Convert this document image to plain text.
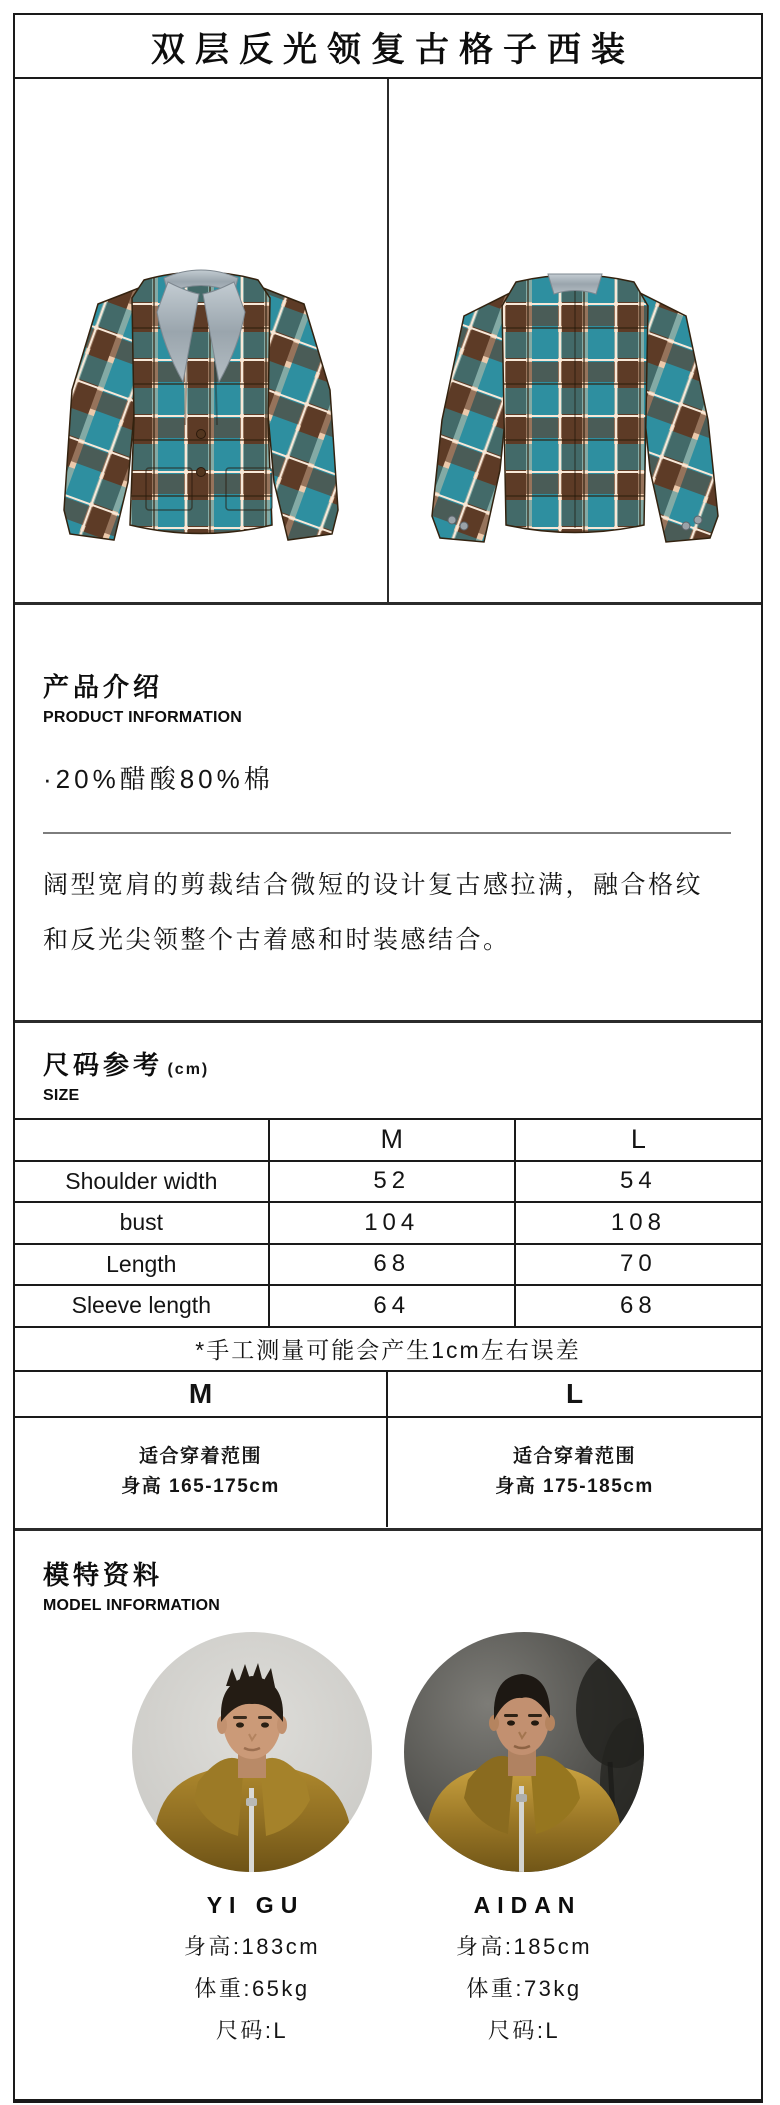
双层反光领复古格子西装
产品介绍
PRODUCT INFORMATION
·20%醋酸80%棉
阔型宽肩的剪裁结合微短的设计复古感拉满，融合格纹
和反光尖领整个古着感和时装感结合。
尺码参考 (cm)
SIZE
	M	L
Shoulder width	52	54
bust	104	108
Length	68	70
Sleeve length	64	68
*手工测量可能会产生1cm左右误差
M	L
适合穿着范围
身高 165-175cm
适合穿着范围
身高 175-185cm
模特资料
MODEL INFORMATION
YI GU
身高:183cm
体重:65kg
尺码:L
AIDAN
身高:185cm
体重:73kg
尺码:L
